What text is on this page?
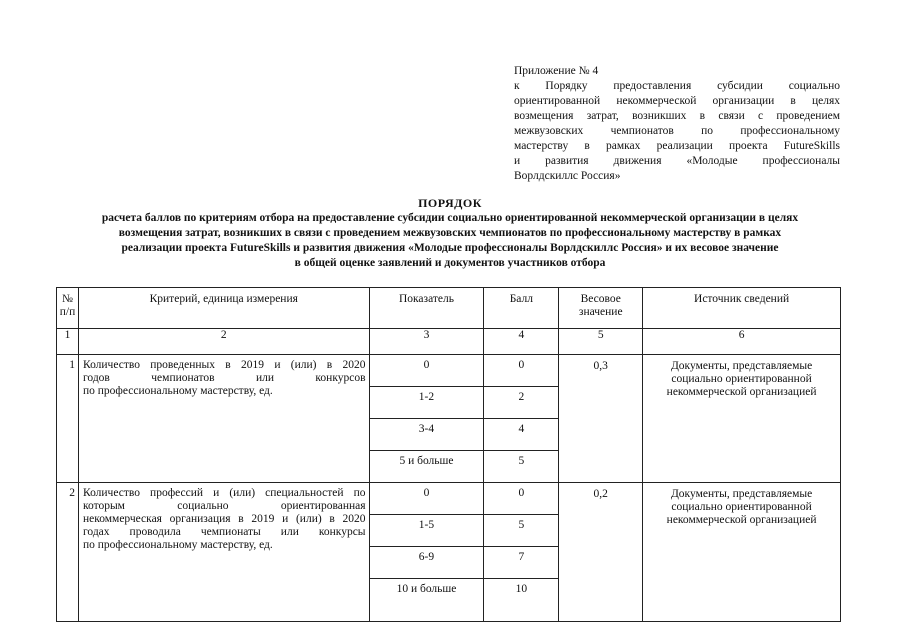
Приложение № 4
к Порядку предоставления субсидии социально
ориентированной некоммерческой организации в целях
возмещения затрат, возникших в связи с проведением
межвузовских чемпионатов по профессиональному
мастерству в рамках реализации проекта FutureSkills
и развития движения «Молодые профессионалы
Ворлдскиллс Россия»
ПОРЯДОК
расчета баллов по критериям отбора на предоставление субсидии социально ориентированной некоммерческой организации в целях
возмещения затрат, возникших в связи с проведением межвузовских чемпионатов по профессиональному мастерству в рамках
реализации проекта FutureSkills и развития движения «Молодые профессионалы Ворлдскиллс Россия» и их весовое значение
в общей оценке заявлений и документов участников отбора
№ п/п	Критерий, единица измерения	Показатель	Балл	Весовое значение	Источник сведений

1	2	3	4	5	6
1	Количество проведенных в 2019 и (или) в 2020
годов чемпионатов или конкурсов
по профессиональному мастерству, ед.	0	0	0,3	Документы, представляемые социально ориентированной некоммерческой организацией
		1-2	2		
		3-4	4		
		5 и больше	5		
2	Количество профессий и (или) специальностей по
которым социально ориентированная
некоммерческая организация в 2019 и (или) в 2020
годах проводила чемпионаты или конкурсы
по профессиональному мастерству, ед.	0	0	0,2	Документы, представляемые социально ориентированной некоммерческой организацией
		1-5	5		
		6-9	7		
		10 и больше	10		
